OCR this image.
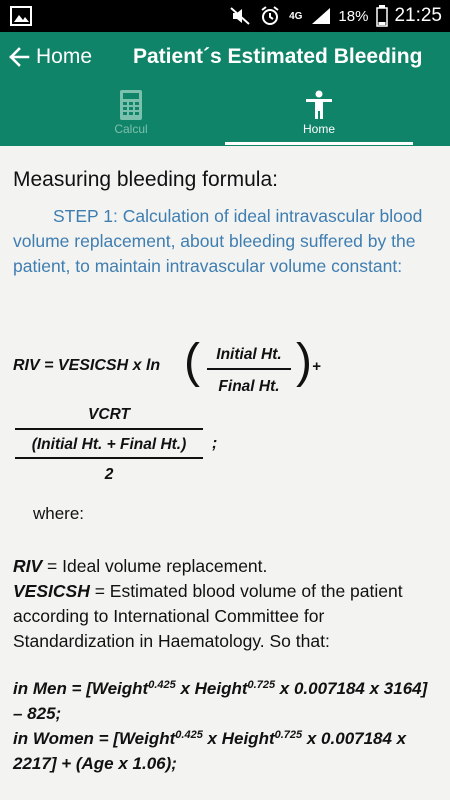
4G 18% 21:25
Home Patient´s Estimated Bleeding
Calcul	Home
Measuring bleeding formula:

STEP 1: Calculation of ideal intravascular blood volume replacement, about bleeding suffered by the patient, to maintain intravascular volume constant:

RIV = VESICSH x ln (	Initial Ht.
Final Ht. ) +
VCRT
(Initial Ht. + Final Ht.)	;
2
where:
RIV = Ideal volume replacement.
VESICSH = Estimated blood volume of the patient according to International Committee for Standardization in Haematology. So that:
in Men = [Weight$^{0.425}$ x Height$^{0.725}$ x 0.007184 x 3164] – 825;
in Women = [Weight$^{0.425}$ x Height$^{0.725}$ x 0.007184 x 2217] + (Age x 1.06);
